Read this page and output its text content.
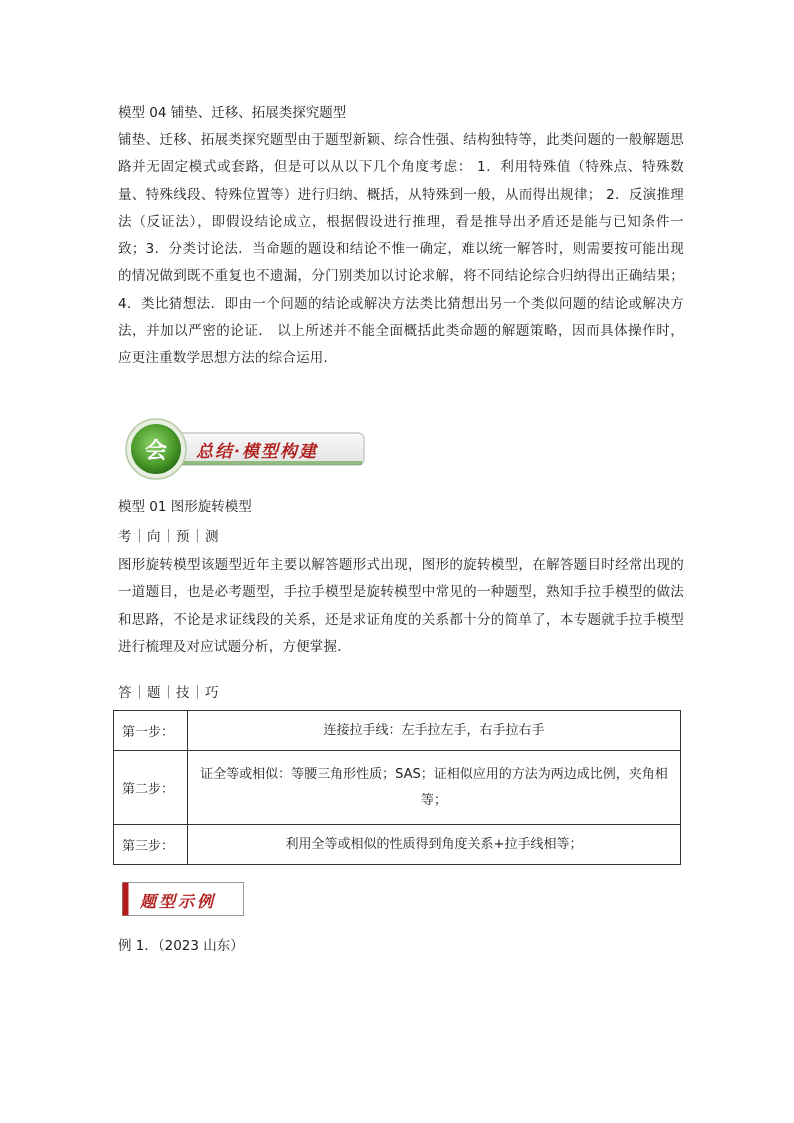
模型 04 铺垫、迁移、拓展类探究题型
铺垫、迁移、拓展类探究题型由于题型新颖、综合性强、结构独特等，此类问题的一般解题思路并无固定模式或套路，但是可以从以下几个角度考虑： 1．利用特殊值（特殊点、特殊数量、特殊线段、特殊位置等）进行归纳、概括，从特殊到一般，从而得出规律； 2．反演推理法（反证法），即假设结论成立，根据假设进行推理，看是推导出矛盾还是能与已知条件一致；3．分类讨论法．当命题的题设和结论不惟一确定，难以统一解答时，则需要按可能出现的情况做到既不重复也不遗漏，分门别类加以讨论求解，将不同结论综合归纳得出正确结果；4．类比猜想法．即由一个问题的结论或解决方法类比猜想出另一个类似问题的结论或解决方法，并加以严密的论证． 以上所述并不能全面概括此类命题的解题策略，因而具体操作时，应更注重数学思想方法的综合运用．
会 总结·模型构建
模型 01 图形旋转模型
考｜向｜预｜测
图形旋转模型该题型近年主要以解答题形式出现，图形的旋转模型，在解答题目时经常出现的一道题目，也是必考题型，手拉手模型是旋转模型中常见的一种题型，熟知手拉手模型的做法和思路，不论是求证线段的关系，还是求证角度的关系都十分的简单了，本专题就手拉手模型进行梳理及对应试题分析，方便掌握．
答｜题｜技｜巧
第一步：	连接拉手线：左手拉左手，右手拉右手
第二步：	证全等或相似：等腰三角形性质；SAS；证相似应用的方法为两边成比例，夹角相等；
第三步：	利用全等或相似的性质得到角度关系+拉手线相等；
题型示例
例 1．（2023 山东）
